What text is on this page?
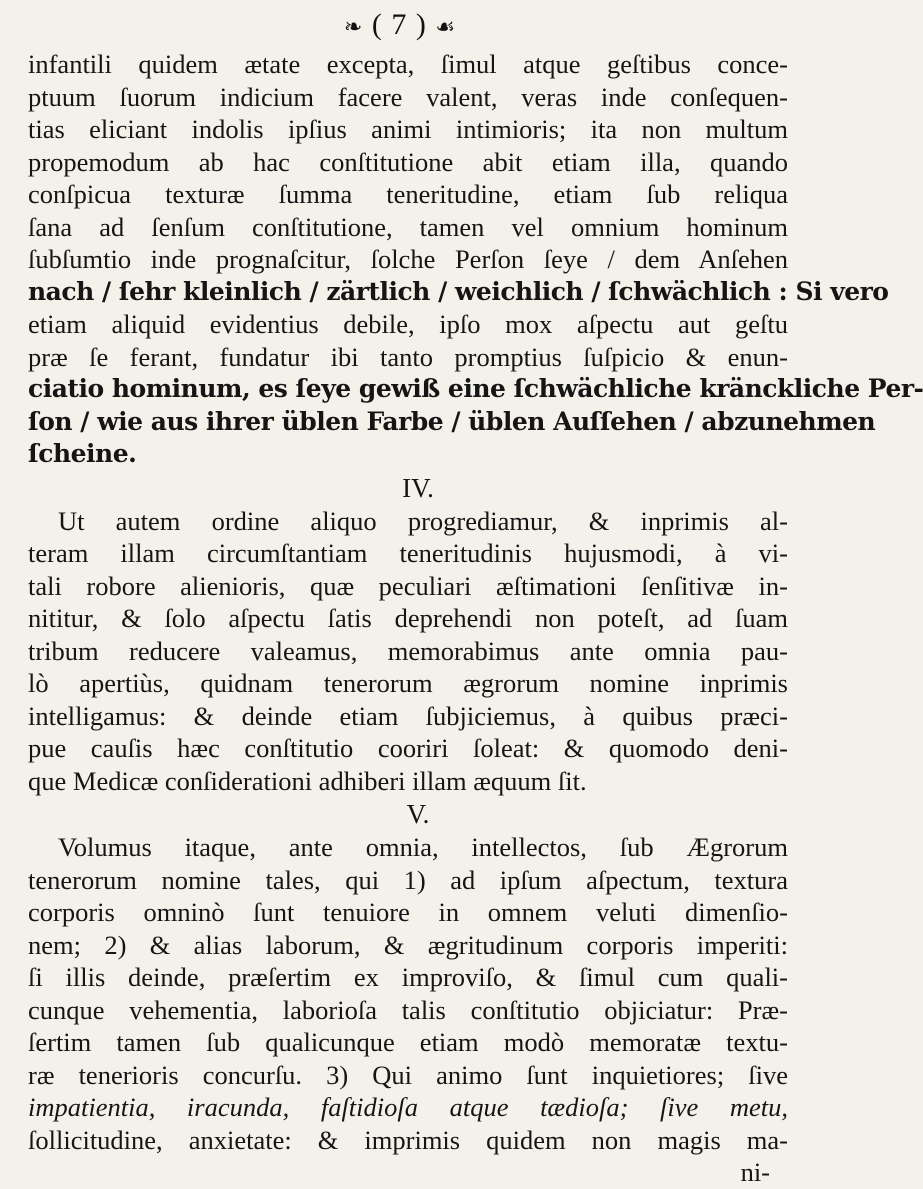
❧ ( 7 ) ☙
infantili quidem ætate excepta, ſimul atque geſtibus conce-
ptuum ſuorum indicium facere valent, veras inde conſequen-
tias eliciant indolis ipſius animi intimioris; ita non multum
propemodum ab hac conſtitutione abit etiam illa, quando
conſpicua texturæ ſumma teneritudine, etiam ſub reliqua
ſana ad ſenſum conſtitutione, tamen vel omnium hominum
ſubſumtio inde prognaſcitur, ſolche Perſon ſeye / dem Anſehen
nach / ſehr kleinlich / zärtlich / weichlich / ſchwächlich : Si vero
etiam aliquid evidentius debile, ipſo mox aſpectu aut geſtu
præ ſe ferant, fundatur ibi tanto promptius ſuſpicio & enun-
ciatio hominum, es ſeye gewiß eine ſchwächliche kränckliche Per-
ſon / wie aus ihrer üblen Farbe / üblen Auſſehen / abzunehmen
ſcheine.
IV.
Ut autem ordine aliquo progrediamur, & inprimis al-
teram illam circumſtantiam teneritudinis hujusmodi, à vi-
tali robore alienioris, quæ peculiari æſtimationi ſenſitivæ in-
nititur, & ſolo aſpectu ſatis deprehendi non poteſt, ad ſuam
tribum reducere valeamus, memorabimus ante omnia pau-
lò apertiùs, quidnam tenerorum ægrorum nomine inprimis
intelligamus: & deinde etiam ſubjiciemus, à quibus præci-
pue cauſis hæc conſtitutio cooriri ſoleat: & quomodo deni-
que Medicæ conſiderationi adhiberi illam æquum ſit.
V.
Volumus itaque, ante omnia, intellectos, ſub Ægrorum
tenerorum nomine tales, qui 1) ad ipſum aſpectum, textura
corporis omninò ſunt tenuiore in omnem veluti dimenſio-
nem; 2) & alias laborum, & ægritudinum corporis imperiti:
ſi illis deinde, præſertim ex improviſo, & ſimul cum quali-
cunque vehementia, laborioſa talis conſtitutio objiciatur: Præ-
ſertim tamen ſub qualicunque etiam modò memoratæ textu-
ræ tenerioris concurſu. 3) Qui animo ſunt inquietiores; ſive
impatientia, iracunda, faſtidioſa atque tædioſa; ſive metu,
ſollicitudine, anxietate: & imprimis quidem non magis ma-
ni-
